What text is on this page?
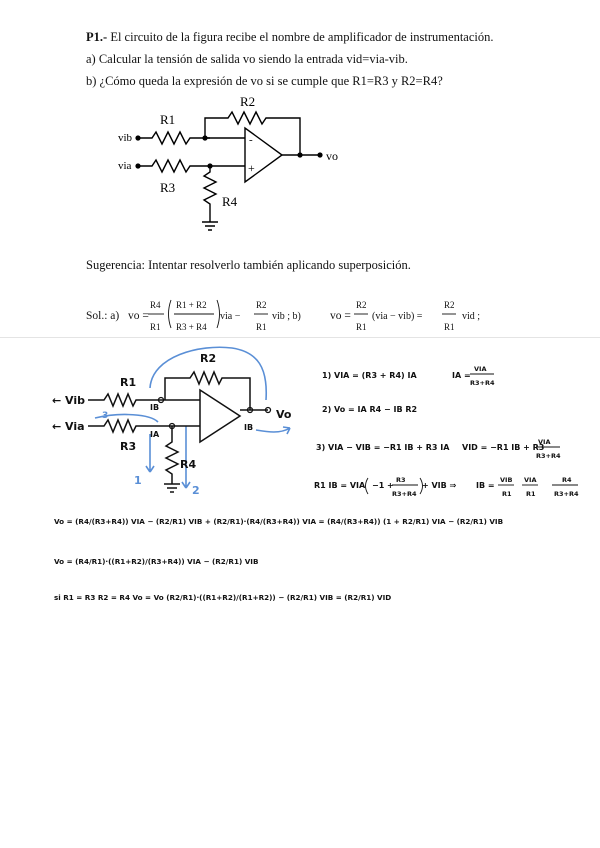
P1.- El circuito de la figura recibe el nombre de amplificador de instrumentación.
a) Calcular la tensión de salida vo siendo la entrada vid=via-vib.
b) ¿Cómo queda la expresión de vo si se cumple que R1=R3 y R2=R4?
R2
R1
R3
R4
vib
via
vo
-
+
Sugerencia: Intentar resolverlo también aplicando superposición.
Sol.: a) vo =
R4
R1
R1 + R2
R3 + R4
via −
R2
R1
vib ; b)	vo =
R2
R1
(via − vib) =
R2
R1
vid ;
R2
R1
R3
R4
← Vib
← Via
Vo
IB
IA
IB
1
2
3
1) VIA = (R3 + R4) IA	IA =
VIA
R3+R4
2) Vo = IA R4 − IB R2
3) VIA − VIB = −R1 IB + R3 IA VID = −R1 IB + R3
VIA
R3+R4
R1 IB = VIA −1 +
R3
R3+R4
+ VIB ⇒ IB =
VIB
R1
VIA
R1
R4
R3+R4
Vo = (R4/(R3+R4)) VIA − (R2/R1) VIB + (R2/R1)·(R4/(R3+R4)) VIA = (R4/(R3+R4)) (1 + R2/R1) VIA − (R2/R1) VIB
Vo = (R4/R1)·((R1+R2)/(R3+R4)) VIA − (R2/R1) VIB
si R1 = R3 R2 = R4 Vo = Vo (R2/R1)·((R1+R2)/(R1+R2)) − (R2/R1) VIB = (R2/R1) VID
